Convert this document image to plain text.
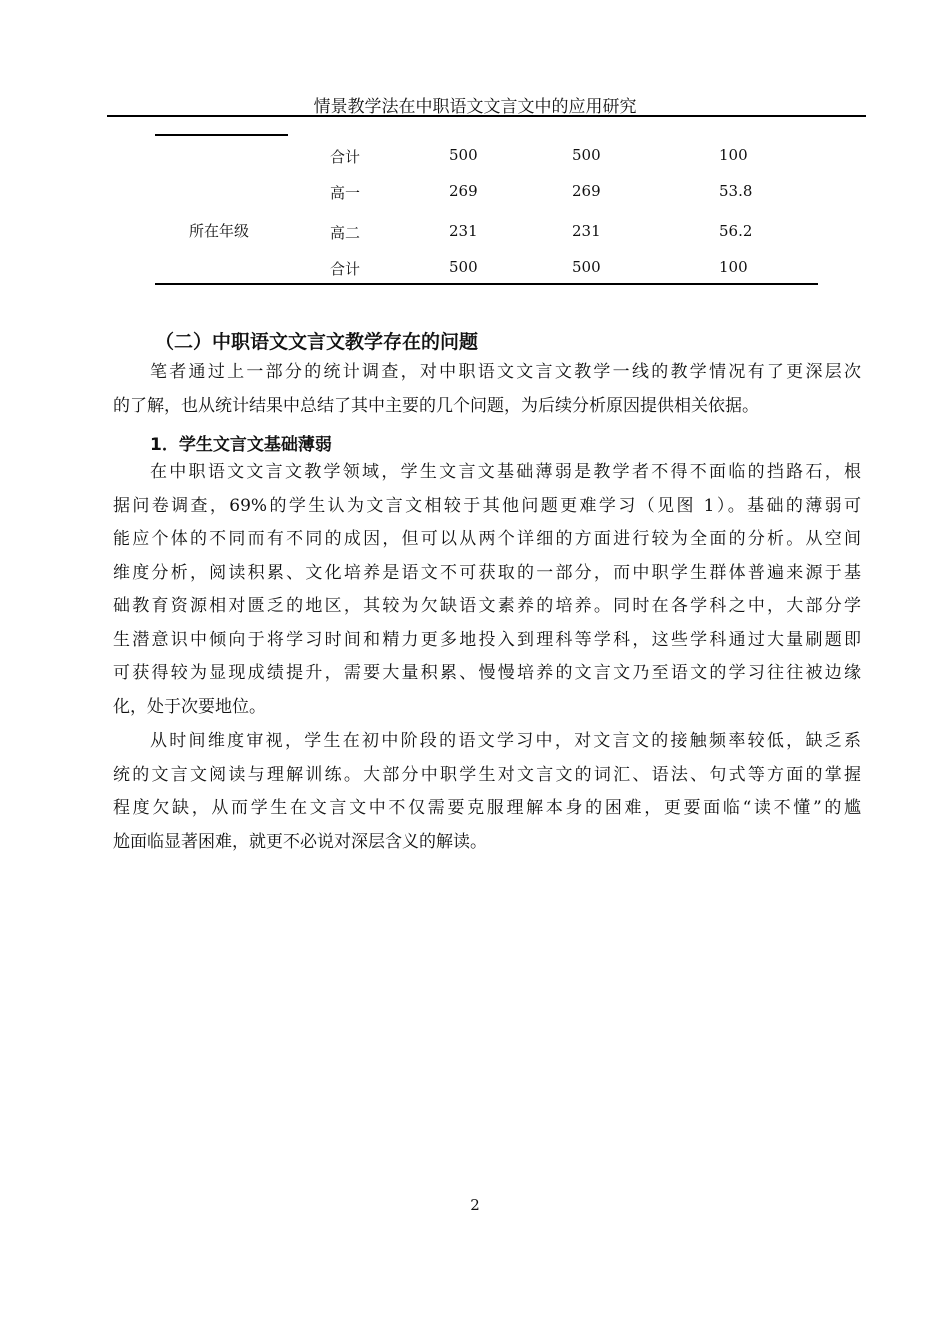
情景教学法在中职语文文言文中的应用研究
所在年级
合计	500	500	100
高一	269	269	53.8
高二	231	231	56.2
合计	500	500	100
（二）中职语文文言文教学存在的问题
笔者通过上一部分的统计调查，对中职语文文言文教学一线的教学情况有了更深层次
的了解，也从统计结果中总结了其中主要的几个问题，为后续分析原因提供相关依据。
1．学生文言文基础薄弱
在中职语文文言文教学领域，学生文言文基础薄弱是教学者不得不面临的挡路石，根
据问卷调查，69%的学生认为文言文相较于其他问题更难学习（见图 1）。基础的薄弱可
能应个体的不同而有不同的成因，但可以从两个详细的方面进行较为全面的分析。从空间
维度分析，阅读积累、文化培养是语文不可获取的一部分，而中职学生群体普遍来源于基
础教育资源相对匮乏的地区，其较为欠缺语文素养的培养。同时在各学科之中，大部分学
生潜意识中倾向于将学习时间和精力更多地投入到理科等学科，这些学科通过大量刷题即
可获得较为显现成绩提升，需要大量积累、慢慢培养的文言文乃至语文的学习往往被边缘
化，处于次要地位。
从时间维度审视，学生在初中阶段的语文学习中，对文言文的接触频率较低，缺乏系
统的文言文阅读与理解训练。大部分中职学生对文言文的词汇、语法、句式等方面的掌握
程度欠缺，从而学生在文言文中不仅需要克服理解本身的困难，更要面临“读不懂”的尴
尬面临显著困难，就更不必说对深层含义的解读。
2
